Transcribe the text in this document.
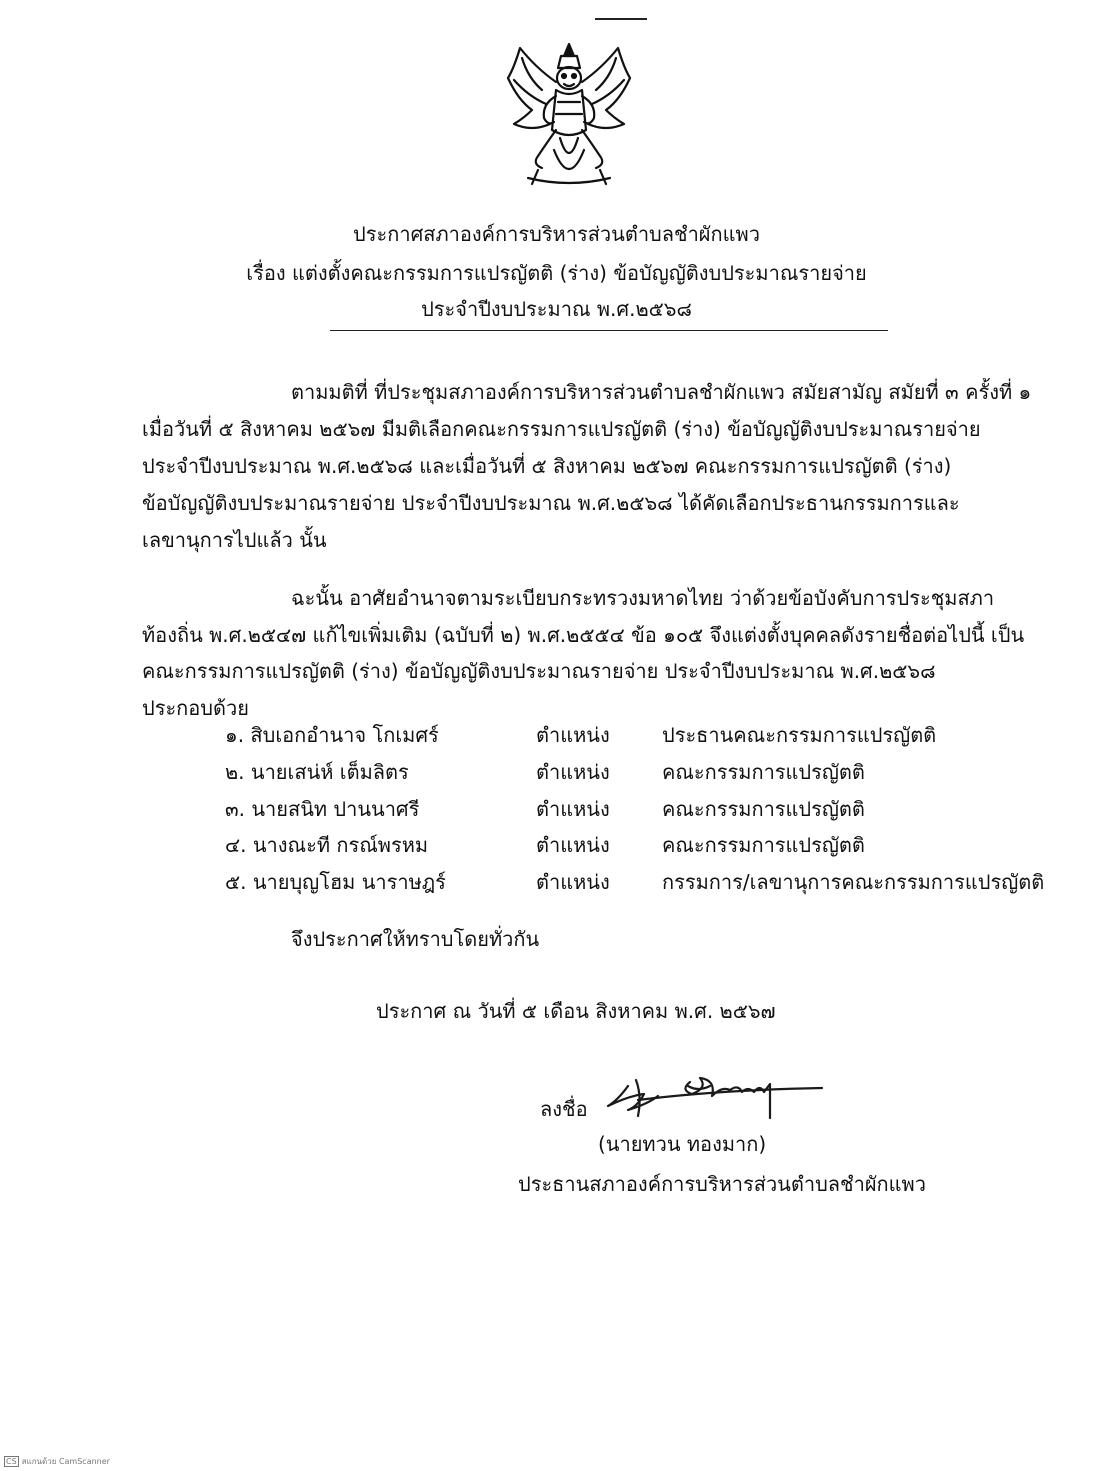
ประกาศสภาองค์การบริหารส่วนตำบลชำผักแพว
เรื่อง แต่งตั้งคณะกรรมการแปรญัตติ (ร่าง) ข้อบัญญัติงบประมาณรายจ่าย
ประจำปีงบประมาณ พ.ศ.๒๕๖๘
ตามมติที่ ที่ประชุมสภาองค์การบริหารส่วนตำบลชำผักแพว สมัยสามัญ สมัยที่ ๓ ครั้งที่ ๑
เมื่อวันที่ ๕ สิงหาคม ๒๕๖๗ มีมติเลือกคณะกรรมการแปรญัตติ (ร่าง) ข้อบัญญัติงบประมาณรายจ่าย
ประจำปีงบประมาณ พ.ศ.๒๕๖๘ และเมื่อวันที่ ๕ สิงหาคม ๒๕๖๗ คณะกรรมการแปรญัตติ (ร่าง)
ข้อบัญญัติงบประมาณรายจ่าย ประจำปีงบประมาณ พ.ศ.๒๕๖๘ ได้คัดเลือกประธานกรรมการและ
เลขานุการไปแล้ว นั้น
ฉะนั้น อาศัยอำนาจตามระเบียบกระทรวงมหาดไทย ว่าด้วยข้อบังคับการประชุมสภา
ท้องถิ่น พ.ศ.๒๕๔๗ แก้ไขเพิ่มเติม (ฉบับที่ ๒) พ.ศ.๒๕๕๔ ข้อ ๑๐๕ จึงแต่งตั้งบุคคลดังรายชื่อต่อไปนี้ เป็น
คณะกรรมการแปรญัตติ (ร่าง) ข้อบัญญัติงบประมาณรายจ่าย ประจำปีงบประมาณ พ.ศ.๒๕๖๘
ประกอบด้วย
๑. สิบเอกอำนาจ โกเมศร์	ตำแหน่ง	ประธานคณะกรรมการแปรญัตติ
๒. นายเสน่ห์ เต็มลิตร	ตำแหน่ง	คณะกรรมการแปรญัตติ
๓. นายสนิท ปานนาศรี	ตำแหน่ง	คณะกรรมการแปรญัตติ
๔. นางณะที กรณ์พรหม	ตำแหน่ง	คณะกรรมการแปรญัตติ
๕. นายบุญโฮม นาราษฎร์	ตำแหน่ง	กรรมการ/เลขานุการคณะกรรมการแปรญัตติ
จึงประกาศให้ทราบโดยทั่วกัน
ประกาศ ณ วันที่ ๕ เดือน สิงหาคม พ.ศ. ๒๕๖๗
ลงชื่อ
(นายทวน ทองมาก)
ประธานสภาองค์การบริหารส่วนตำบลชำผักแพว
CS สแกนด้วย CamScanner
